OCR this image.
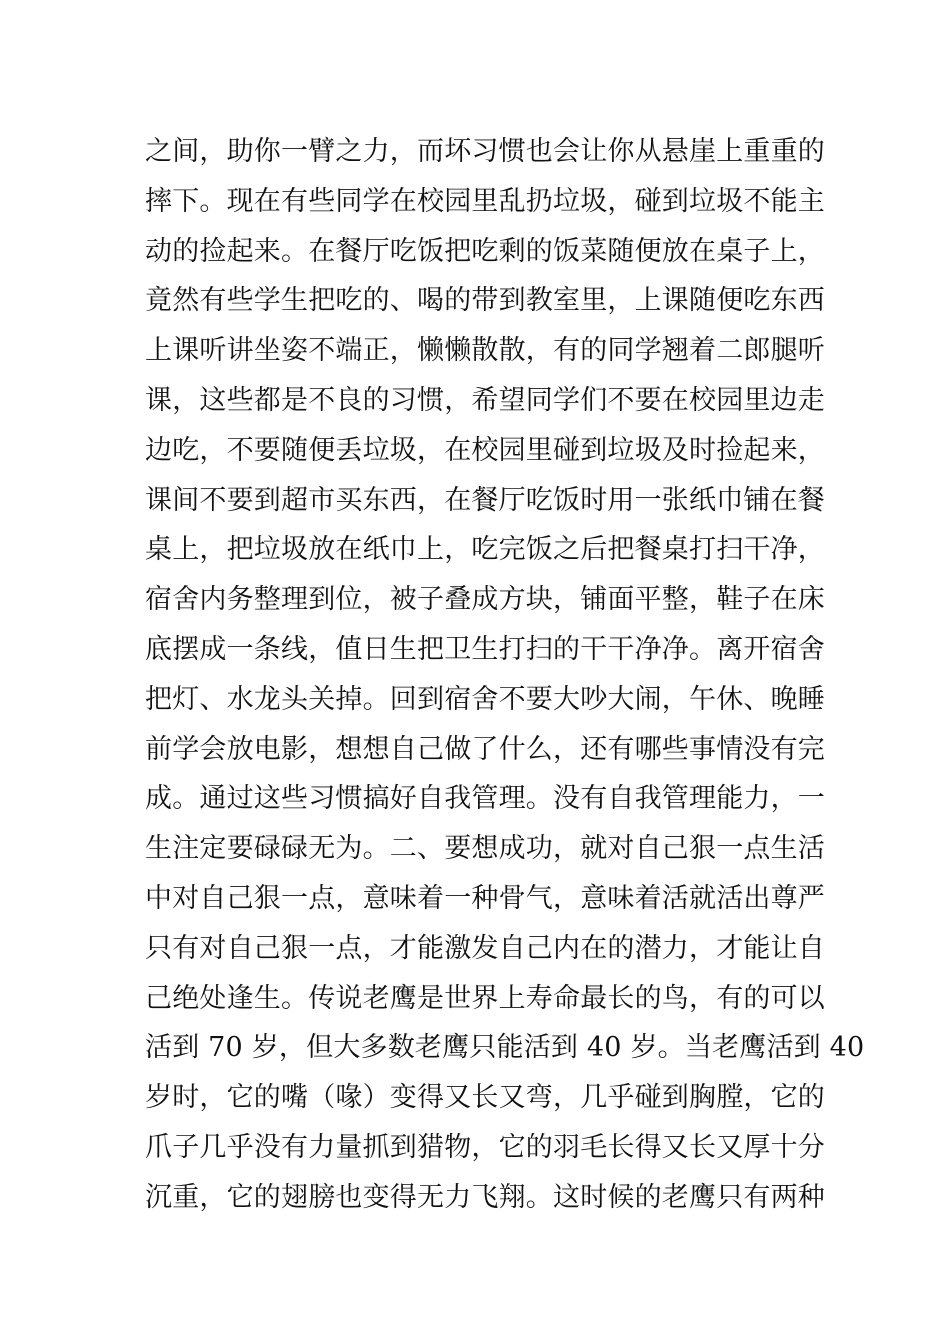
之间，助你一臂之力，而坏习惯也会让你从悬崖上重重的
摔下。现在有些同学在校园里乱扔垃圾，碰到垃圾不能主
动的捡起来。在餐厅吃饭把吃剩的饭菜随便放在桌子上，
竟然有些学生把吃的、喝的带到教室里，上课随便吃东西
上课听讲坐姿不端正，懒懒散散，有的同学翘着二郎腿听
课，这些都是不良的习惯，希望同学们不要在校园里边走
边吃，不要随便丢垃圾，在校园里碰到垃圾及时捡起来，
课间不要到超市买东西，在餐厅吃饭时用一张纸巾铺在餐
桌上，把垃圾放在纸巾上，吃完饭之后把餐桌打扫干净，
宿舍内务整理到位，被子叠成方块，铺面平整，鞋子在床
底摆成一条线，值日生把卫生打扫的干干净净。离开宿舍
把灯、水龙头关掉。回到宿舍不要大吵大闹，午休、晚睡
前学会放电影，想想自己做了什么，还有哪些事情没有完
成。通过这些习惯搞好自我管理。没有自我管理能力，一
生注定要碌碌无为。二、要想成功，就对自己狠一点生活
中对自己狠一点，意味着一种骨气，意味着活就活出尊严
只有对自己狠一点，才能激发自己内在的潜力，才能让自
己绝处逢生。传说老鹰是世界上寿命最长的鸟，有的可以
活到 70 岁，但大多数老鹰只能活到 40 岁。当老鹰活到 40
岁时，它的嘴（喙）变得又长又弯，几乎碰到胸膛，它的
爪子几乎没有力量抓到猎物，它的羽毛长得又长又厚十分
沉重，它的翅膀也变得无力飞翔。这时候的老鹰只有两种
